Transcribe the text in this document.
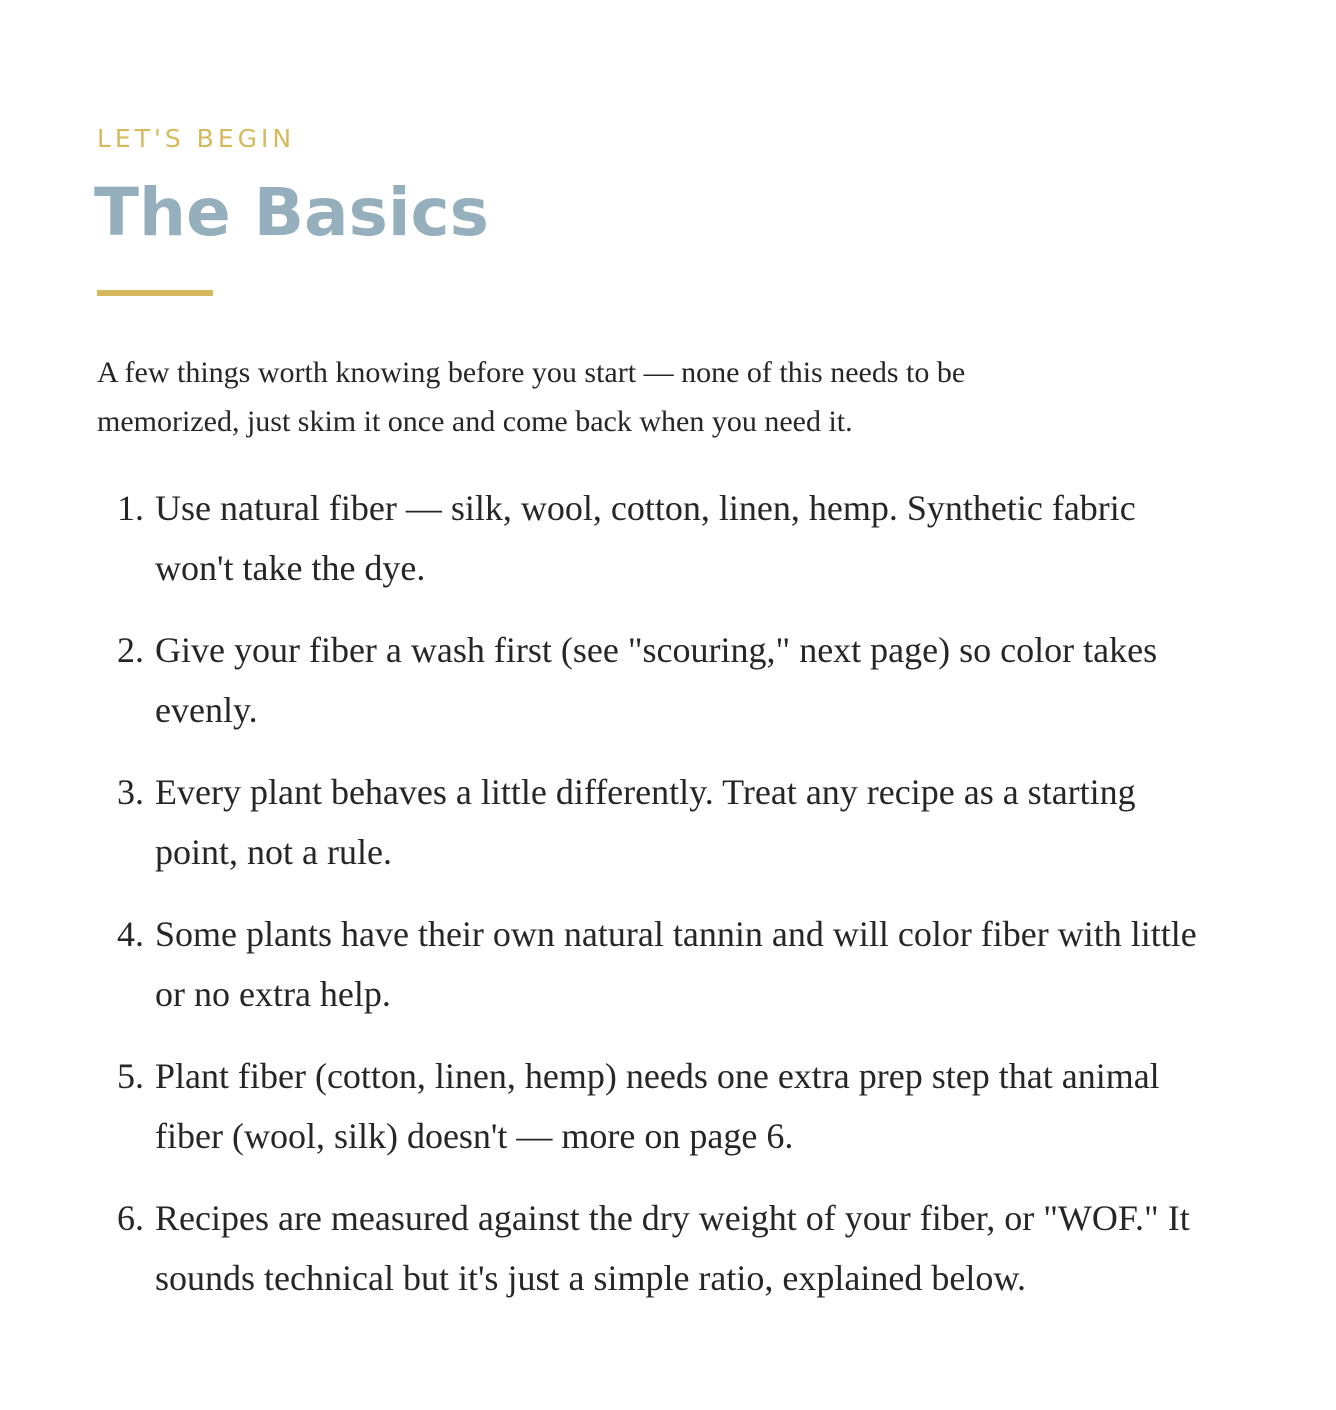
LET'S BEGIN
The Basics

A few things worth knowing before you start — none of this needs to be memorized, just skim it once and come back when you need it.

1. Use natural fiber — silk, wool, cotton, linen, hemp. Synthetic fabric won't take the dye.
2. Give your fiber a wash first (see "scouring," next page) so color takes evenly.
3. Every plant behaves a little differently. Treat any recipe as a starting point, not a rule.
4. Some plants have their own natural tannin and will color fiber with little or no extra help.
5. Plant fiber (cotton, linen, hemp) needs one extra prep step that animal fiber (wool, silk) doesn't — more on page 6.
6. Recipes are measured against the dry weight of your fiber, or "WOF." It sounds technical but it's just a simple ratio, explained below.
